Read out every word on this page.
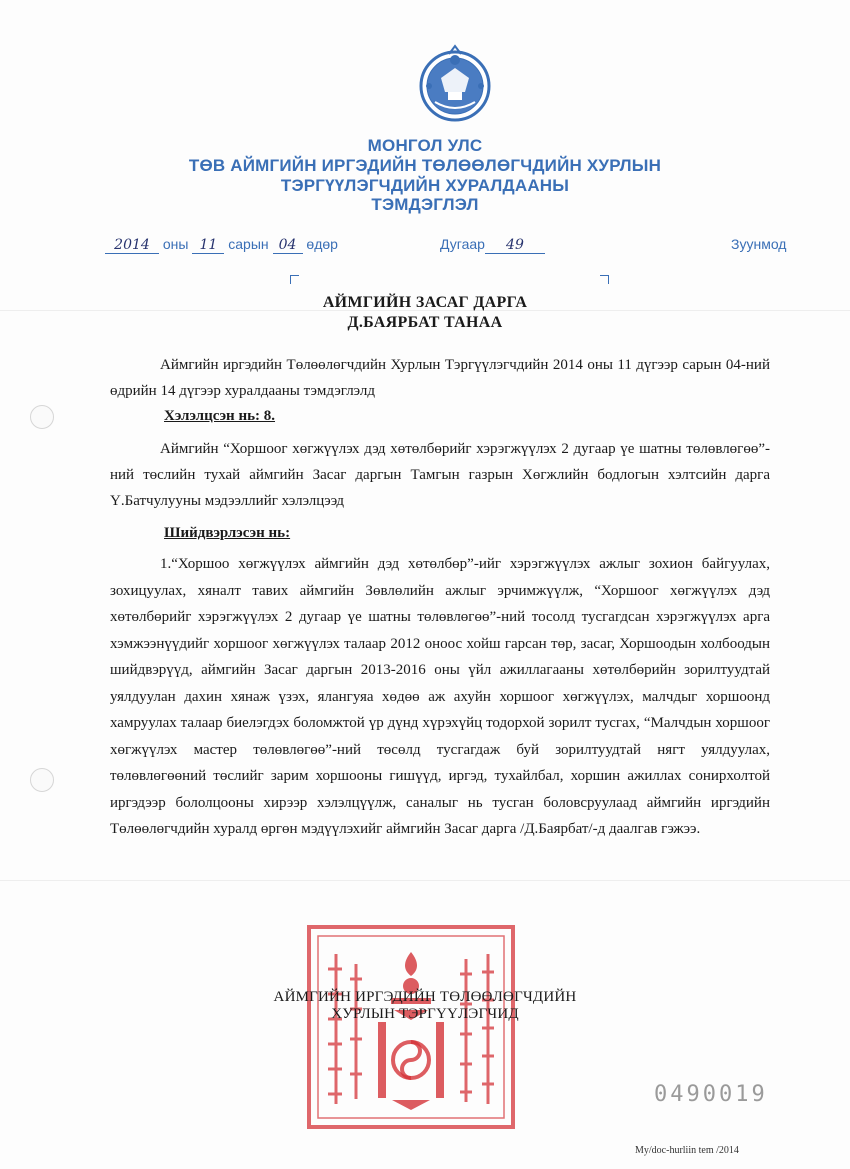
МОНГОЛ УЛС
ТӨВ АЙМГИЙН ИРГЭДИЙН ТӨЛӨӨЛӨГЧДИЙН ХУРЛЫН
ТЭРГҮҮЛЭГЧДИЙН ХУРАЛДААНЫ
ТЭМДЭГЛЭЛ
2014 оны 11 сарын 04 өдөр	Дугаар 49	Зуунмод
АЙМГИЙН ЗАСАГ ДАРГА
Д.БАЯРБАТ ТАНАА

Аймгийн иргэдийн Төлөөлөгчдийн Хурлын Тэргүүлэгчдийн 2014 оны 11 дүгээр сарын 04-ний өдрийн 14 дүгээр хуралдааны тэмдэглэлд

Хэлэлцсэн нь: 8.

Аймгийн “Хоршоог хөгжүүлэх дэд хөтөлбөрийг хэрэгжүүлэх 2 дугаар үе шатны төлөвлөгөө”-ний төслийн тухай аймгийн Засаг даргын Тамгын газрын Хөгжлийн бодлогын хэлтсийн дарга Ү.Батчулууны мэдээллийг хэлэлцээд

Шийдвэрлэсэн нь:

1.“Хоршоо хөгжүүлэх аймгийн дэд хөтөлбөр”-ийг хэрэгжүүлэх ажлыг зохион байгуулах, зохицуулах, хяналт тавих аймгийн Зөвлөлийн ажлыг эрчимжүүлж, “Хоршоог хөгжүүлэх дэд хөтөлбөрийг хэрэгжүүлэх 2 дугаар үе шатны төлөвлөгөө”-ний тосолд тусгагдсан хэрэгжүүлэх арга хэмжээнүүдийг хоршоог хөгжүүлэх талаар 2012 оноос хойш гарсан төр, засаг, Хоршоодын холбоодын шийдвэрүүд, аймгийн Засаг даргын 2013-2016 оны үйл ажиллагааны хөтөлбөрийн зорилтуудтай уялдуулан дахин хянаж үзэх, ялангуяа хөдөө аж ахуйн хоршоог хөгжүүлэх, малчдыг хоршоонд хамруулах талаар биелэгдэх боломжтой үр дүнд хүрэхүйц тодорхой зорилт тусгах, “Малчдын хоршоог хөгжүүлэх мастер төлөвлөгөө”-ний төсөлд тусгагдаж буй зорилтуудтай нягт уялдуулах, төлөвлөгөөний төслийг зарим хоршооны гишүүд, иргэд, тухайлбал, хоршин ажиллах сонирхолтой иргэдээр бололцооны хирээр хэлэлцүүлж, саналыг нь тусган боловсруулаад аймгийн иргэдийн Төлөөлөгчдийн хуралд өргөн мэдүүлэхийг аймгийн Засаг дарга /Д.Баярбат/-д даалгав гэжээ.

АЙМГИЙН ИРГЭДИЙН ТӨЛӨӨЛӨГЧДИЙН
ХУРЛЫН ТЭРГҮҮЛЭГЧИД
0490019
My/doc-hurliin tem /2014
